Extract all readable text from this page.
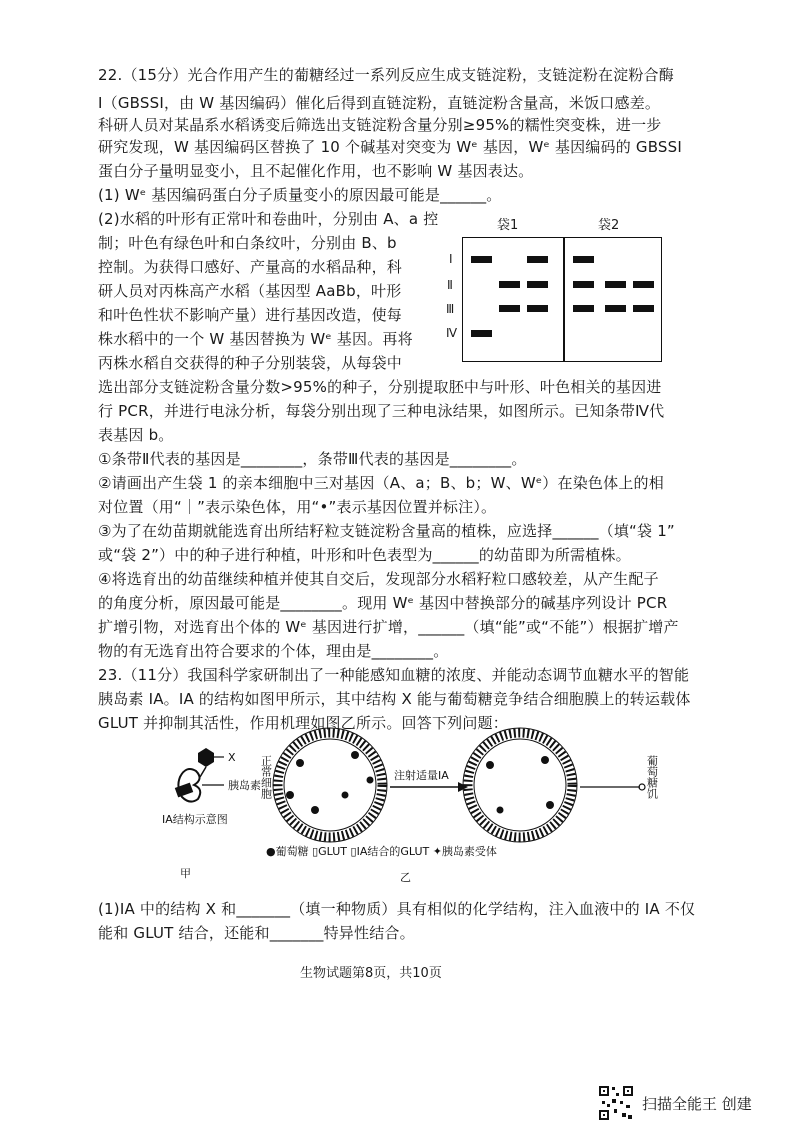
22.（15分）光合作用产生的葡糖经过一系列反应生成支链淀粉，支链淀粉在淀粉合酶
Ⅰ（GBSSⅠ，由 W 基因编码）催化后得到直链淀粉，直链淀粉含量高，米饭口感差。
科研人员对某晶系水稻诱变后筛选出支链淀粉含量分别≥95%的糯性突变株，进一步
研究发现，W 基因编码区替换了 10 个碱基对突变为 Wᵉ 基因，Wᵉ 基因编码的 GBSSⅠ
蛋白分子量明显变小，且不起催化作用，也不影响 W 基因表达。
(1) Wᵉ 基因编码蛋白分子质量变小的原因最可能是______。
(2)水稻的叶形有正常叶和卷曲叶，分别由 A、a 控
制；叶色有绿色叶和白条纹叶，分别由 B、b
控制。为获得口感好、产量高的水稻品种，科
研人员对丙株高产水稻（基因型 AaBb，叶形
和叶色性状不影响产量）进行基因改造，使每
株水稻中的一个 W 基因替换为 Wᵉ 基因。再将
丙株水稻自交获得的种子分别装袋，从每袋中
袋1	袋2
Ⅰ
Ⅱ
Ⅲ
Ⅳ
选出部分支链淀粉含量分数>95%的种子，分别提取胚中与叶形、叶色相关的基因进
行 PCR，并进行电泳分析，每袋分别出现了三种电泳结果，如图所示。已知条带Ⅳ代
表基因 b。
①条带Ⅱ代表的基因是________，条带Ⅲ代表的基因是________。
②请画出产生袋 1 的亲本细胞中三对基因（A、a；B、b；W、Wᵉ）在染色体上的相
对位置（用“｜”表示染色体，用“•”表示基因位置并标注）。
③为了在幼苗期就能选育出所结籽粒支链淀粉含量高的植株，应选择______（填“袋 1”
或“袋 2”）中的种子进行种植，叶形和叶色表型为______的幼苗即为所需植株。
④将选育出的幼苗继续种植并使其自交后，发现部分水稻籽粒口感较差，从产生配子
的角度分析，原因最可能是________。现用 Wᵉ 基因中替换部分的碱基序列设计 PCR
扩增引物，对选育出个体的 Wᵉ 基因进行扩增，______（填“能”或“不能”）根据扩增产
物的有无选育出符合要求的个体，理由是________。
23.（11分）我国科学家研制出了一种能感知血糖的浓度、并能动态调节血糖水平的智能
胰岛素 IA。IA 的结构如图甲所示，其中结构 X 能与葡萄糖竞争结合细胞膜上的转运载体
GLUT 并抑制其活性，作用机理如图乙所示。回答下列问题：
X
胰岛素
IA结构示意图
正常细胞	注射适量IA	葡萄糖饥
●葡萄糖 ▯GLUT ▯IA结合的GLUT ✦胰岛素受体
甲	乙
(1)IA 中的结构 X 和_______（填一种物质）具有相似的化学结构，注入血液中的 IA 不仅
能和 GLUT 结合，还能和_______特异性结合。
生物试题第8页，共10页
扫描全能王 创建
